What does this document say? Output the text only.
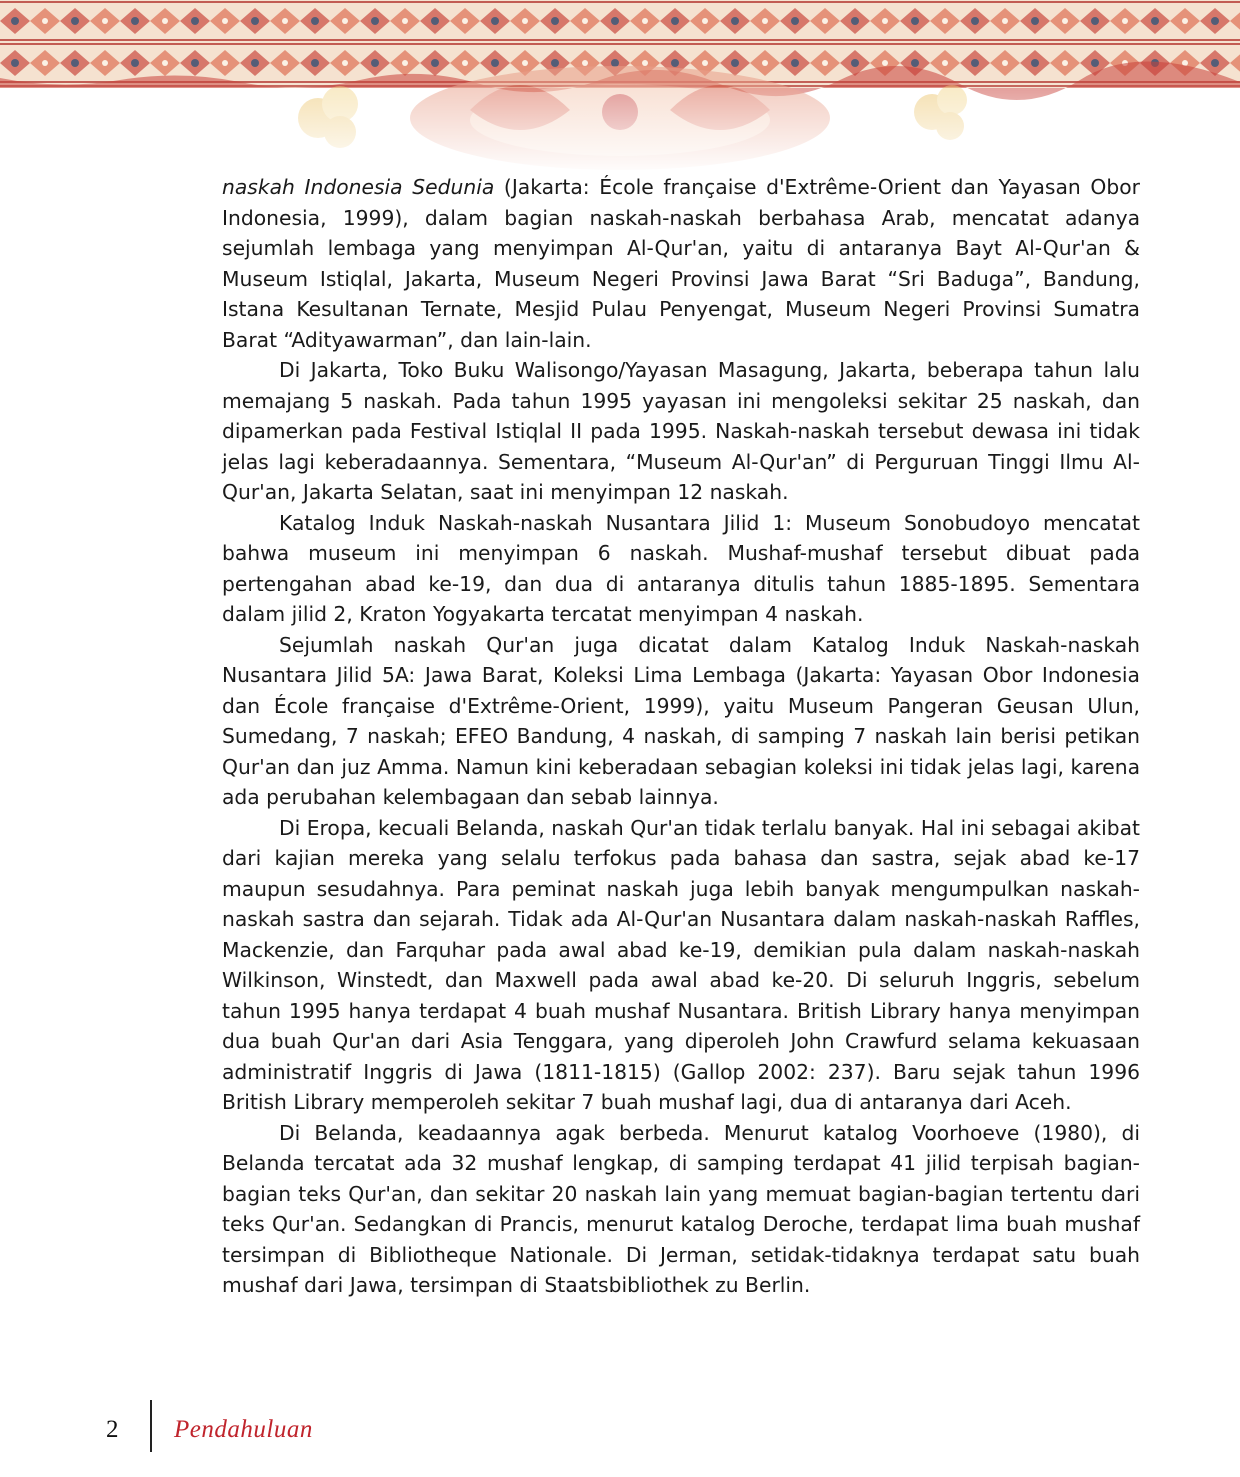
naskah Indonesia Sedunia (Jakarta: École française d'Extrême-Orient dan Yayasan Obor Indonesia, 1999), dalam bagian naskah-naskah berbahasa Arab, mencatat adanya sejumlah lembaga yang menyimpan Al-Qur'an, yaitu di antaranya Bayt Al-Qur'an & Museum Istiqlal, Jakarta, Museum Negeri Provinsi Jawa Barat “Sri Baduga”, Bandung, Istana Kesultanan Ternate, Mesjid Pulau Penyengat, Museum Negeri Provinsi Sumatra Barat “Adityawarman”, dan lain-lain.

Di Jakarta, Toko Buku Walisongo/Yayasan Masagung, Jakarta, beberapa tahun lalu memajang 5 naskah. Pada tahun 1995 yayasan ini mengoleksi sekitar 25 naskah, dan dipamerkan pada Festival Istiqlal II pada 1995. Naskah-naskah tersebut dewasa ini tidak jelas lagi keberadaannya. Sementara, “Museum Al-Qur'an” di Perguruan Tinggi Ilmu Al-Qur'an, Jakarta Selatan, saat ini menyimpan 12 naskah.

Katalog Induk Naskah-naskah Nusantara Jilid 1: Museum Sonobudoyo mencatat bahwa museum ini menyimpan 6 naskah. Mushaf-mushaf tersebut dibuat pada pertengahan abad ke-19, dan dua di antaranya ditulis tahun 1885-1895. Sementara dalam jilid 2, Kraton Yogyakarta tercatat menyimpan 4 naskah.

Sejumlah naskah Qur'an juga dicatat dalam Katalog Induk Naskah-naskah Nusantara Jilid 5A: Jawa Barat, Koleksi Lima Lembaga (Jakarta: Yayasan Obor Indonesia dan École française d'Extrême-Orient, 1999), yaitu Museum Pangeran Geusan Ulun, Sumedang, 7 naskah; EFEO Bandung, 4 naskah, di samping 7 naskah lain berisi petikan Qur'an dan juz Amma. Namun kini keberadaan sebagian koleksi ini tidak jelas lagi, karena ada perubahan kelembagaan dan sebab lainnya.

Di Eropa, kecuali Belanda, naskah Qur'an tidak terlalu banyak. Hal ini sebagai akibat dari kajian mereka yang selalu terfokus pada bahasa dan sastra, sejak abad ke-17 maupun sesudahnya. Para peminat naskah juga lebih banyak mengumpulkan naskah-naskah sastra dan sejarah. Tidak ada Al-Qur'an Nusantara dalam naskah-naskah Raffles, Mackenzie, dan Farquhar pada awal abad ke-19, demikian pula dalam naskah-naskah Wilkinson, Winstedt, dan Maxwell pada awal abad ke-20. Di seluruh Inggris, sebelum tahun 1995 hanya terdapat 4 buah mushaf Nusantara. British Library hanya menyimpan dua buah Qur'an dari Asia Tenggara, yang diperoleh John Crawfurd selama kekuasaan administratif Inggris di Jawa (1811-1815) (Gallop 2002: 237). Baru sejak tahun 1996 British Library memperoleh sekitar 7 buah mushaf lagi, dua di antaranya dari Aceh.

Di Belanda, keadaannya agak berbeda. Menurut katalog Voorhoeve (1980), di Belanda tercatat ada 32 mushaf lengkap, di samping terdapat 41 jilid terpisah bagian-bagian teks Qur'an, dan sekitar 20 naskah lain yang memuat bagian-bagian tertentu dari teks Qur'an. Sedangkan di Prancis, menurut katalog Deroche, terdapat lima buah mushaf tersimpan di Bibliotheque Nationale. Di Jerman, setidak-tidaknya terdapat satu buah mushaf dari Jawa, tersimpan di Staatsbibliothek zu Berlin.

2 Pendahuluan
